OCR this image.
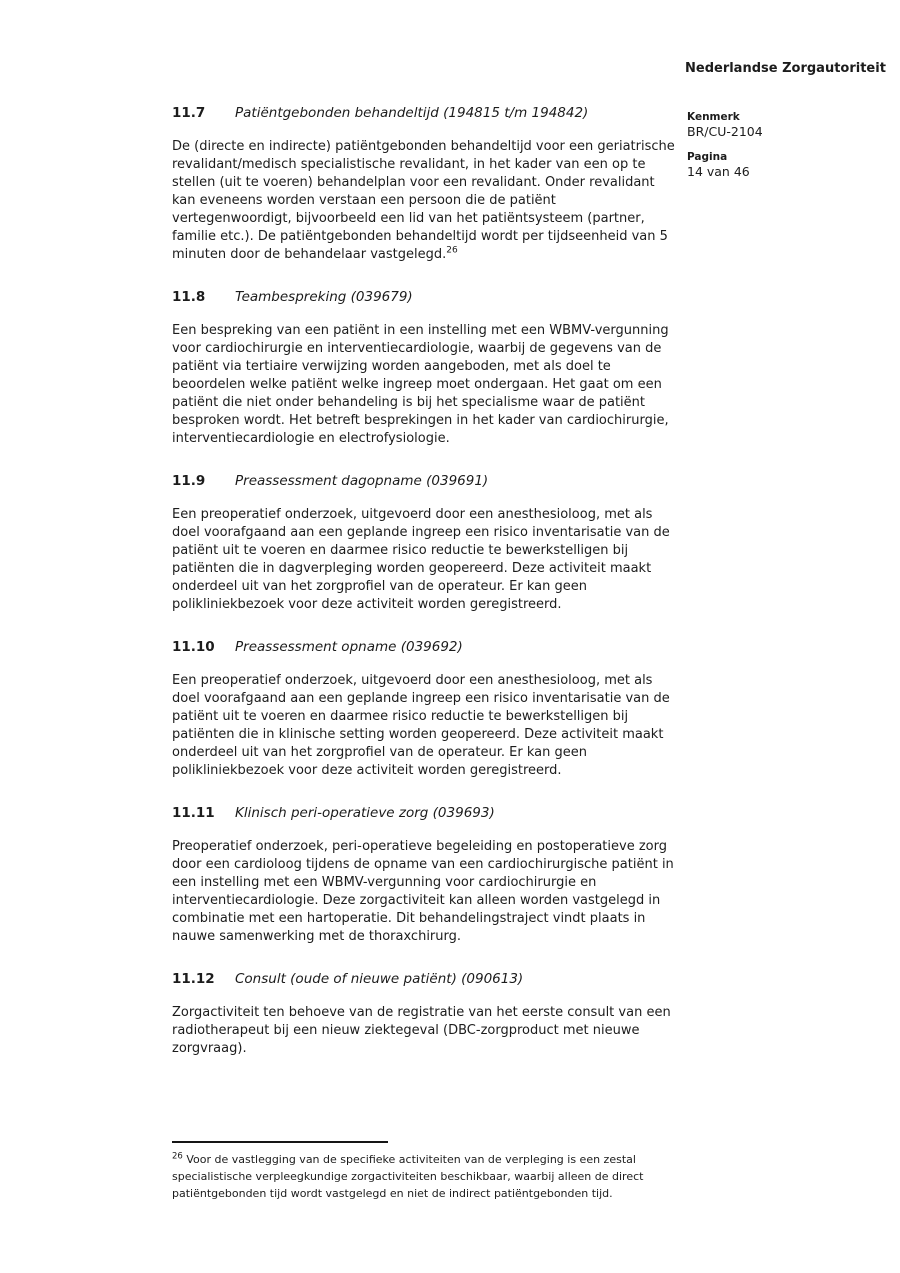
Nederlandse Zorgautoriteit
Kenmerk
BR/CU-2104
Pagina
14 van 46
11.7 Patiëntgebonden behandeltijd (194815 t/m 194842)

De (directe en indirecte) patiëntgebonden behandeltijd voor een geriatrische revalidant/medisch specialistische revalidant, in het kader van een op te stellen (uit te voeren) behandelplan voor een revalidant. Onder revalidant kan eveneens worden verstaan een persoon die de patiënt vertegenwoordigt, bijvoorbeeld een lid van het patiëntsysteem (partner, familie etc.). De patiëntgebonden behandeltijd wordt per tijdseenheid van 5 minuten door de behandelaar vastgelegd.$^{26}$

11.8 Teambespreking (039679)

Een bespreking van een patiënt in een instelling met een WBMV-vergunning voor cardiochirurgie en interventiecardiologie, waarbij de gegevens van de patiënt via tertiaire verwijzing worden aangeboden, met als doel te beoordelen welke patiënt welke ingreep moet ondergaan. Het gaat om een patiënt die niet onder behandeling is bij het specialisme waar de patiënt besproken wordt. Het betreft besprekingen in het kader van cardiochirurgie, interventiecardiologie en electrofysiologie.

11.9 Preassessment dagopname (039691)

Een preoperatief onderzoek, uitgevoerd door een anesthesioloog, met als doel voorafgaand aan een geplande ingreep een risico inventarisatie van de patiënt uit te voeren en daarmee risico reductie te bewerkstelligen bij patiënten die in dagverpleging worden geopereerd. Deze activiteit maakt onderdeel uit van het zorgprofiel van de operateur. Er kan geen polikliniekbezoek voor deze activiteit worden geregistreerd.

11.10 Preassessment opname (039692)

Een preoperatief onderzoek, uitgevoerd door een anesthesioloog, met als doel voorafgaand aan een geplande ingreep een risico inventarisatie van de patiënt uit te voeren en daarmee risico reductie te bewerkstelligen bij patiënten die in klinische setting worden geopereerd. Deze activiteit maakt onderdeel uit van het zorgprofiel van de operateur. Er kan geen polikliniekbezoek voor deze activiteit worden geregistreerd.

11.11 Klinisch peri-operatieve zorg (039693)

Preoperatief onderzoek, peri-operatieve begeleiding en postoperatieve zorg door een cardioloog tijdens de opname van een cardiochirurgische patiënt in een instelling met een WBMV-vergunning voor cardiochirurgie en interventiecardiologie. Deze zorgactiviteit kan alleen worden vastgelegd in combinatie met een hartoperatie. Dit behandelingstraject vindt plaats in nauwe samenwerking met de thoraxchirurg.

11.12 Consult (oude of nieuwe patiënt) (090613)

Zorgactiviteit ten behoeve van de registratie van het eerste consult van een radiotherapeut bij een nieuw ziektegeval (DBC-zorgproduct met nieuwe zorgvraag).

$^{26}$ Voor de vastlegging van de specifieke activiteiten van de verpleging is een zestal specialistische verpleegkundige zorgactiviteiten beschikbaar, waarbij alleen de direct patiëntgebonden tijd wordt vastgelegd en niet de indirect patiëntgebonden tijd.
